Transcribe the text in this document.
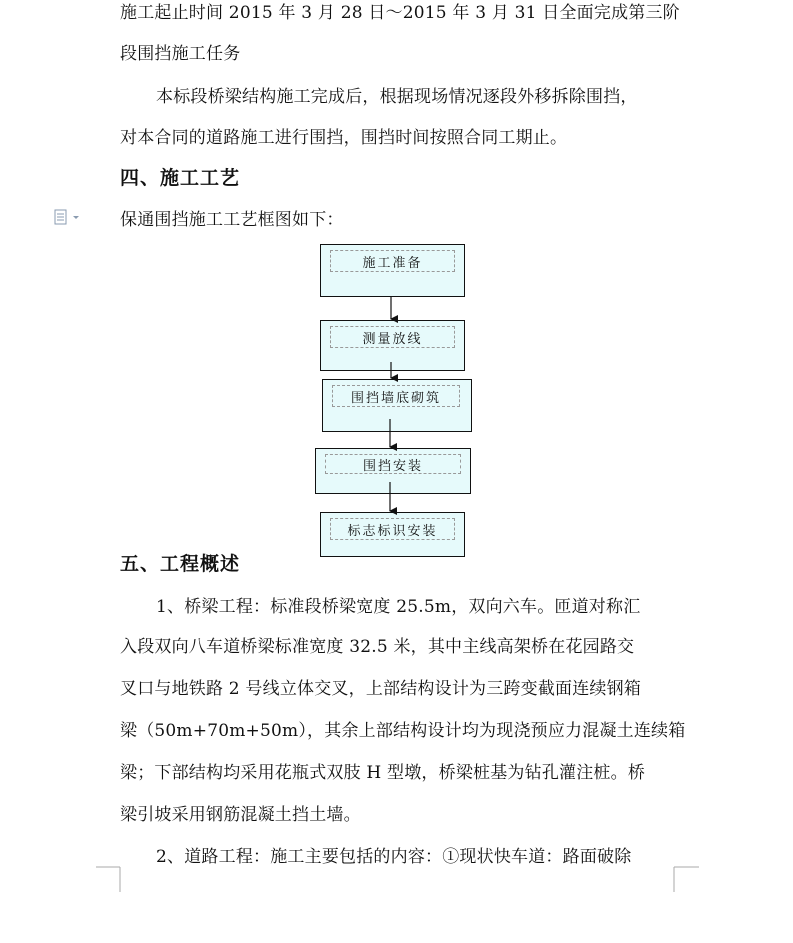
施工起止时间 2015 年 3 月 28 日～2015 年 3 月 31 日全面完成第三阶
段围挡施工任务
本标段桥梁结构施工完成后，根据现场情况逐段外移拆除围挡，
对本合同的道路施工进行围挡，围挡时间按照合同工期止。
四、施工工艺
保通围挡施工工艺框图如下：
施工准备
测量放线
围挡墙底砌筑
围挡安装
标志标识安装
五、工程概述
1、桥梁工程：标准段桥梁宽度 25.5m，双向六车。匝道对称汇
入段双向八车道桥梁标准宽度 32.5 米，其中主线高架桥在花园路交
叉口与地铁路 2 号线立体交叉，上部结构设计为三跨变截面连续钢箱
梁（50m+70m+50m），其余上部结构设计均为现浇预应力混凝土连续箱
梁；下部结构均采用花瓶式双肢 H 型墩，桥梁桩基为钻孔灌注桩。桥
梁引坡采用钢筋混凝土挡土墙。
2、道路工程：施工主要包括的内容：①现状快车道：路面破除
